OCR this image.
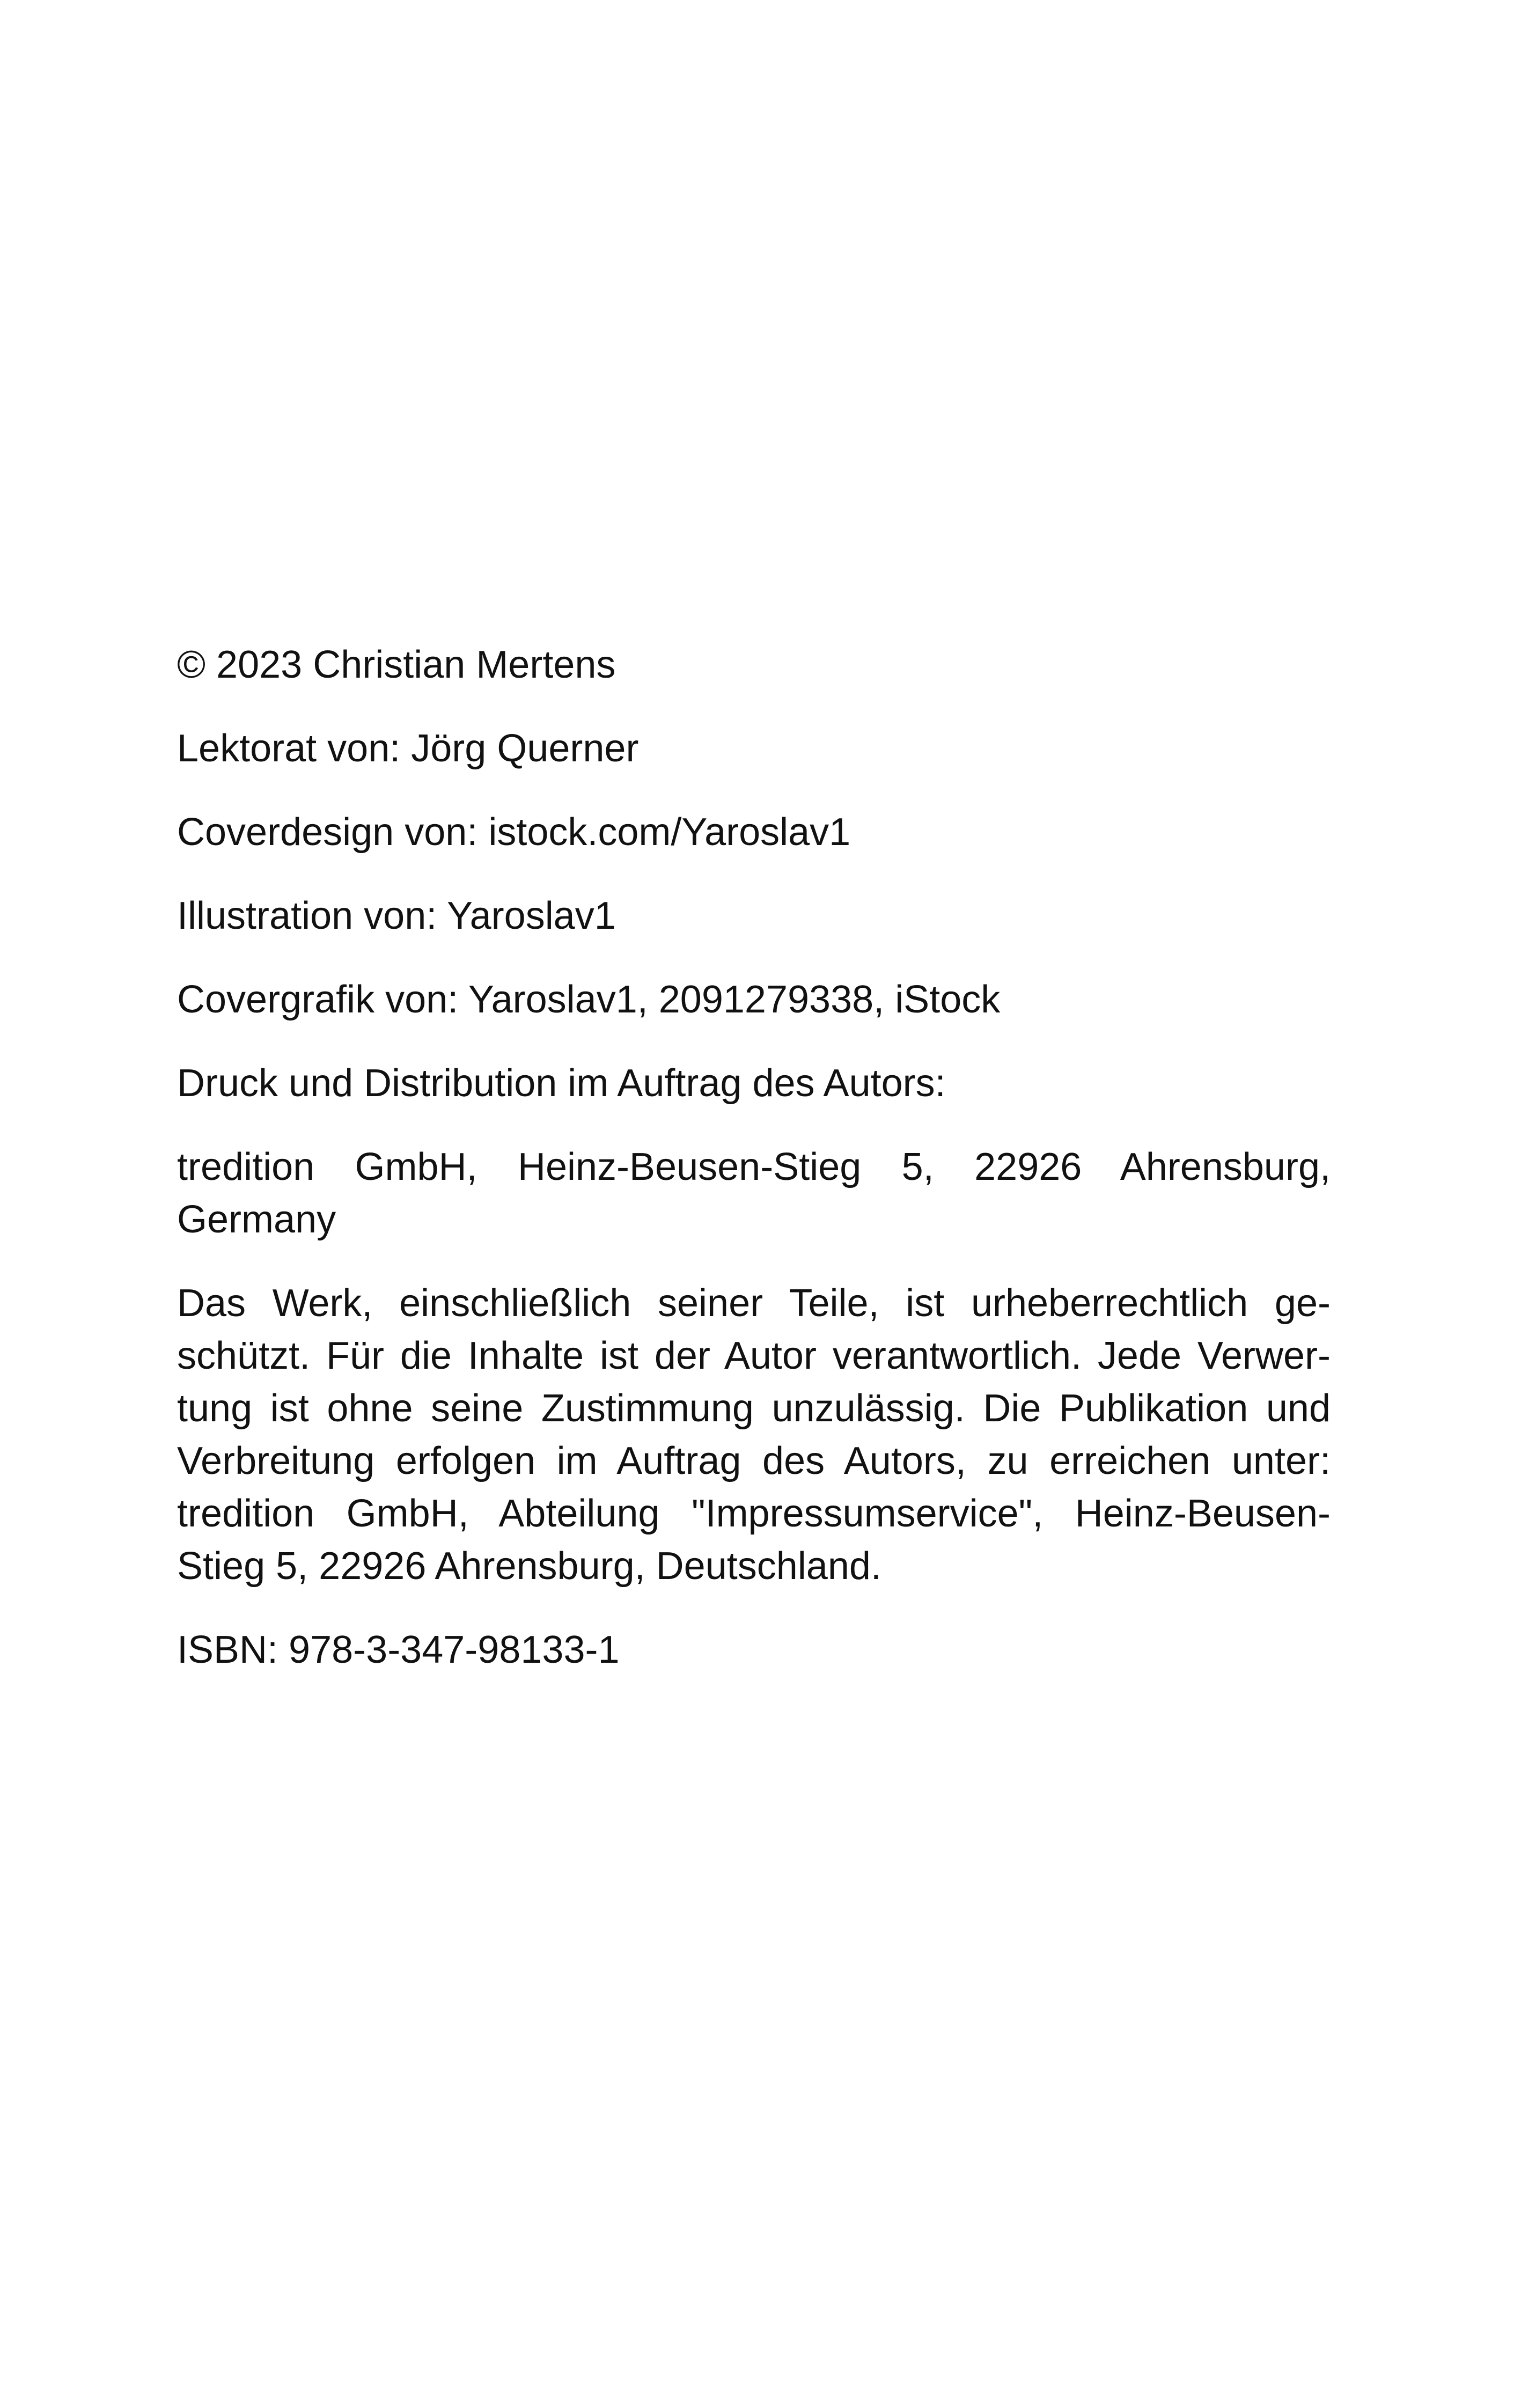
© 2023 Christian Mertens

Lektorat von: Jörg Querner

Coverdesign von: istock.com/Yaroslav1

Illustration von: Yaroslav1

Covergrafik von: Yaroslav1, 2091279338, iStock

Druck und Distribution im Auftrag des Autors:

tredition GmbH, Heinz-Beusen-Stieg 5, 22926 Ahrensburg, Germany

Das Werk, einschließlich seiner Teile, ist urheberrechtlich geschützt. Für die Inhalte ist der Autor verantwortlich. Jede Verwertung ist ohne seine Zustimmung unzulässig. Die Publikation und Verbreitung erfolgen im Auftrag des Autors, zu erreichen unter: tredition GmbH, Abteilung "Impressumservice", Heinz-Beusen-Stieg 5, 22926 Ahrensburg, Deutschland.

ISBN: 978-3-347-98133-1
